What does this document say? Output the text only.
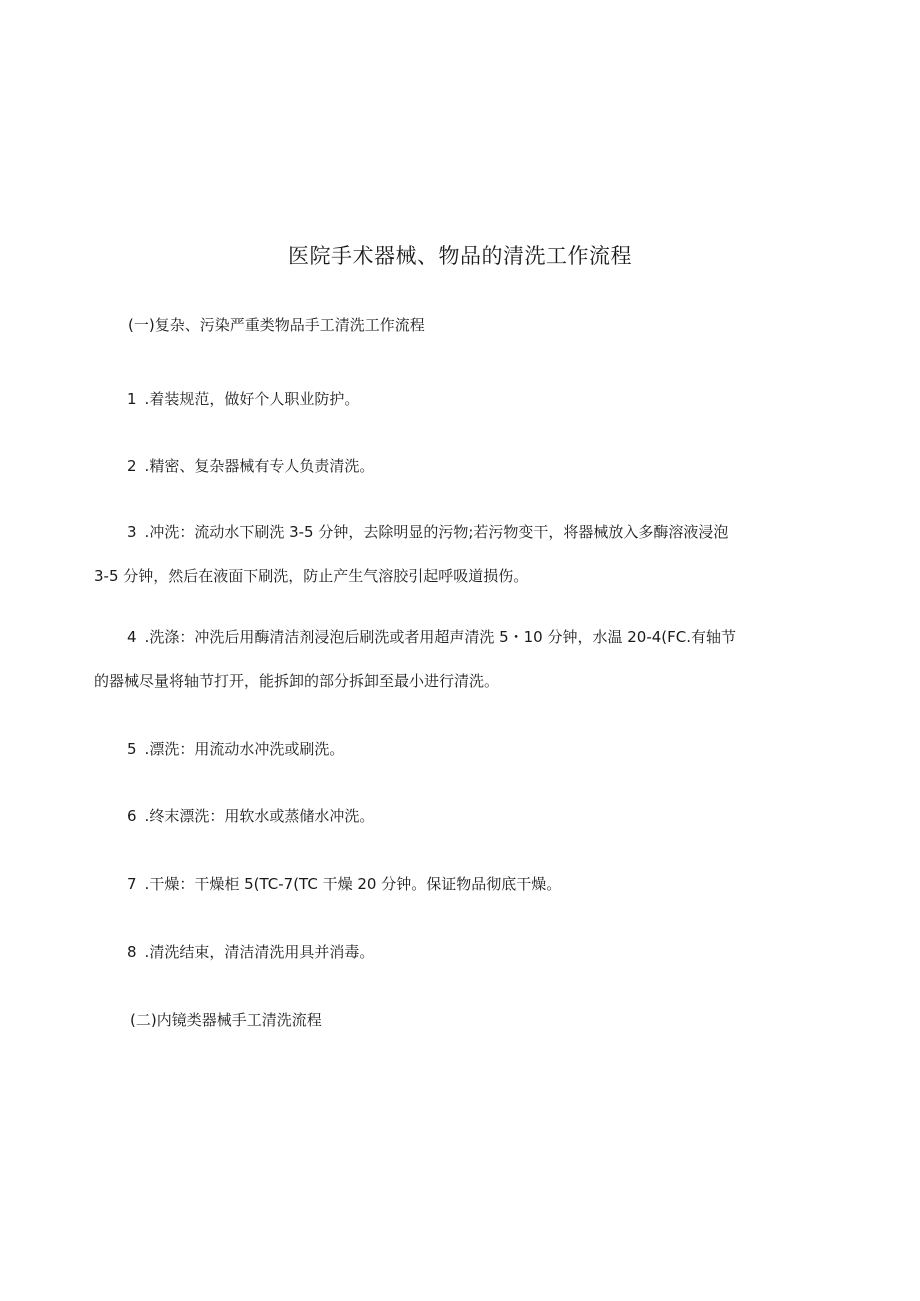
医院手术器械、物品的清洗工作流程
(一)复杂、污染严重类物品手工清洗工作流程
1 .着装规范，做好个人职业防护。
2 .精密、复杂器械有专人负责清洗。
3 .冲洗：流动水下刷洗 3-5 分钟，去除明显的污物;若污物变干，将器械放入多酶溶液浸泡
3-5 分钟，然后在液面下刷洗，防止产生气溶胶引起呼吸道损伤。
4 .洗涤：冲洗后用酶清洁剂浸泡后刷洗或者用超声清洗 5・10 分钟，水温 20-4(FC.有轴节
的器械尽量将轴节打开，能拆卸的部分拆卸至最小进行清洗。
5 .漂洗：用流动水冲洗或刷洗。
6 .终末漂洗：用软水或蒸储水冲洗。
7 .干燥：干燥柜 5(TC-7(TC 干燥 20 分钟。保证物品彻底干燥。
8 .清洗结束，清洁清洗用具并消毒。
(二)内镜类器械手工清洗流程
